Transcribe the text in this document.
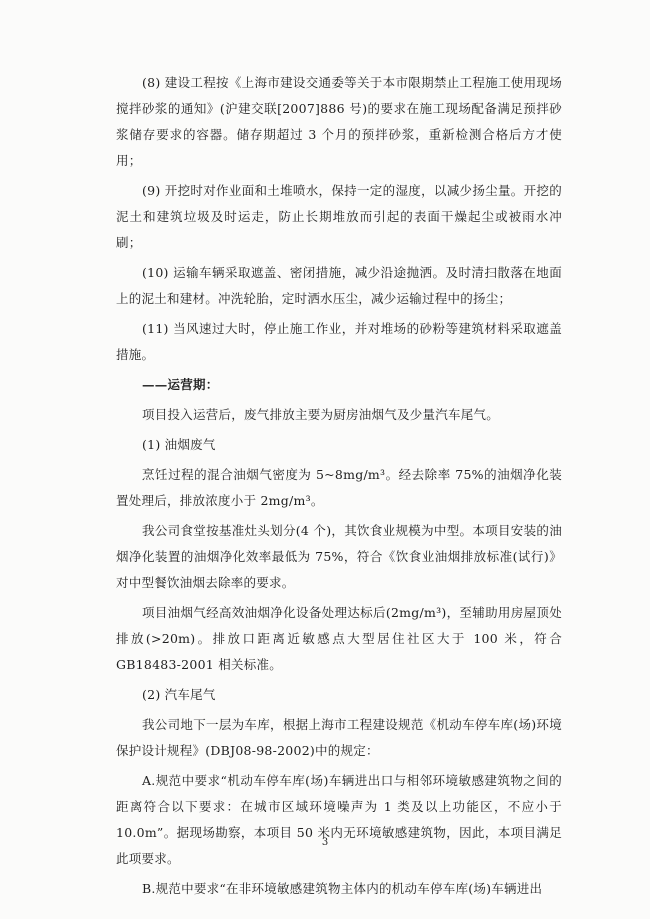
(8) 建设工程按《上海市建设交通委等关于本市限期禁止工程施工使用现场搅拌砂浆的通知》(沪建交联[2007]886 号)的要求在施工现场配备满足预拌砂浆储存要求的容器。储存期超过 3 个月的预拌砂浆，重新检测合格后方才使用；

(9) 开挖时对作业面和土堆喷水，保持一定的湿度，以减少扬尘量。开挖的泥土和建筑垃圾及时运走，防止长期堆放而引起的表面干燥起尘或被雨水冲刷；

(10) 运输车辆采取遮盖、密闭措施，减少沿途抛洒。及时清扫散落在地面上的泥土和建材。冲洗轮胎，定时洒水压尘，减少运输过程中的扬尘；

(11) 当风速过大时，停止施工作业，并对堆场的砂粉等建筑材料采取遮盖措施。

——运营期：

项目投入运营后，废气排放主要为厨房油烟气及少量汽车尾气。

(1) 油烟废气

烹饪过程的混合油烟气密度为 5~8mg/m³。经去除率 75%的油烟净化装置处理后，排放浓度小于 2mg/m³。

我公司食堂按基准灶头划分(4 个)，其饮食业规模为中型。本项目安装的油烟净化装置的油烟净化效率最低为 75%，符合《饮食业油烟排放标准(试行)》对中型餐饮油烟去除率的要求。

项目油烟气经高效油烟净化设备处理达标后(2mg/m³)，至辅助用房屋顶处排放(>20m)。排放口距离近敏感点大型居住社区大于 100 米，符合 GB18483-2001 相关标准。

(2) 汽车尾气

我公司地下一层为车库，根据上海市工程建设规范《机动车停车库(场)环境保护设计规程》(DBJ08-98-2002)中的规定：

A.规范中要求“机动车停车库(场)车辆进出口与相邻环境敏感建筑物之间的距离符合以下要求：在城市区域环境噪声为 1 类及以上功能区，不应小于 10.0m”。据现场勘察，本项目 50 米内无环境敏感建筑物，因此，本项目满足此项要求。

B.规范中要求“在非环境敏感建筑物主体内的机动车停车库(场)车辆进出

3
